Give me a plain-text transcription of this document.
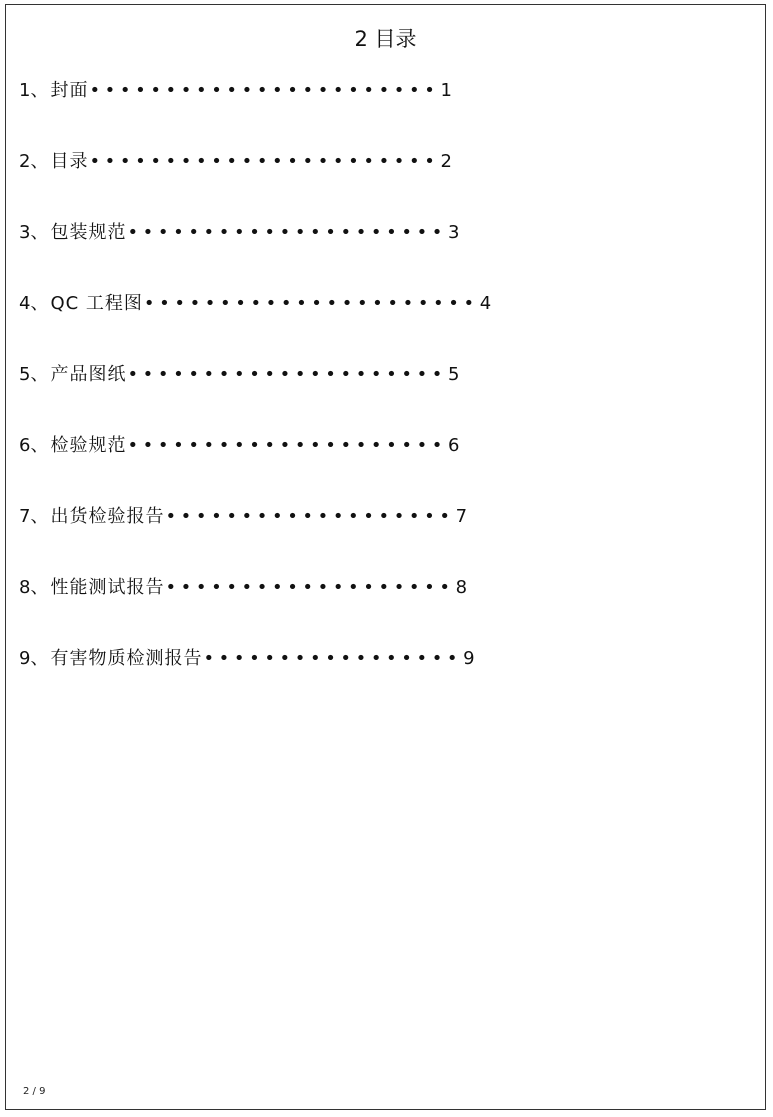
2 目录
1 、 封面 ••••••••••••••••••••••• 1
2 、 目录 ••••••••••••••••••••••• 2
3 、 包装规范 ••••••••••••••••••••• 3
4 、 QC 工程图 •••••••••••••••••••••• 4
5 、 产品图纸 ••••••••••••••••••••• 5
6 、 检验规范 ••••••••••••••••••••• 6
7 、 出货检验报告 ••••••••••••••••••• 7
8 、 性能测试报告 ••••••••••••••••••• 8
9 、 有害物质检测报告 ••••••••••••••••• 9
2 / 9
